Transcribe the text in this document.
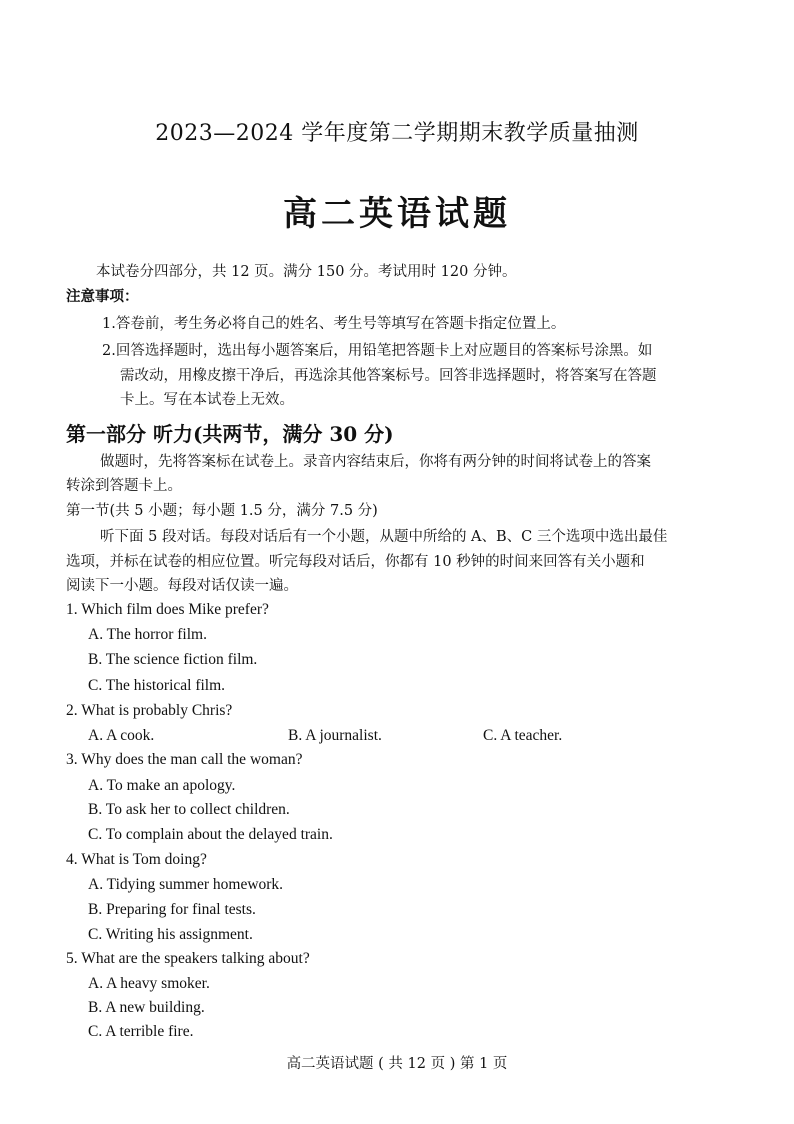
2023—2024 学年度第二学期期末教学质量抽测
高二英语试题
本试卷分四部分，共 12 页。满分 150 分。考试用时 120 分钟。
注意事项：
1.答卷前，考生务必将自己的姓名、考生号等填写在答题卡指定位置上。
2.回答选择题时，选出每小题答案后，用铅笔把答题卡上对应题目的答案标号涂黑。如
需改动，用橡皮擦干净后，再选涂其他答案标号。回答非选择题时，将答案写在答题
卡上。写在本试卷上无效。
第一部分 听力(共两节，满分 30 分)
做题时，先将答案标在试卷上。录音内容结束后，你将有两分钟的时间将试卷上的答案
转涂到答题卡上。
第一节(共 5 小题；每小题 1.5 分，满分 7.5 分)
听下面 5 段对话。每段对话后有一个小题，从题中所给的 A、B、C 三个选项中选出最佳
选项，并标在试卷的相应位置。听完每段对话后，你都有 10 秒钟的时间来回答有关小题和
阅读下一小题。每段对话仅读一遍。
1. Which film does Mike prefer?
A. The horror film.
B. The science fiction film.
C. The historical film.
2. What is probably Chris?
A. A cook.	B. A journalist.	C. A teacher.
3. Why does the man call the woman?
A. To make an apology.
B. To ask her to collect children.
C. To complain about the delayed train.
4. What is Tom doing?
A. Tidying summer homework.
B. Preparing for final tests.
C. Writing his assignment.
5. What are the speakers talking about?
A. A heavy smoker.
B. A new building.
C. A terrible fire.
高二英语试题 ( 共 12 页 ) 第 1 页
